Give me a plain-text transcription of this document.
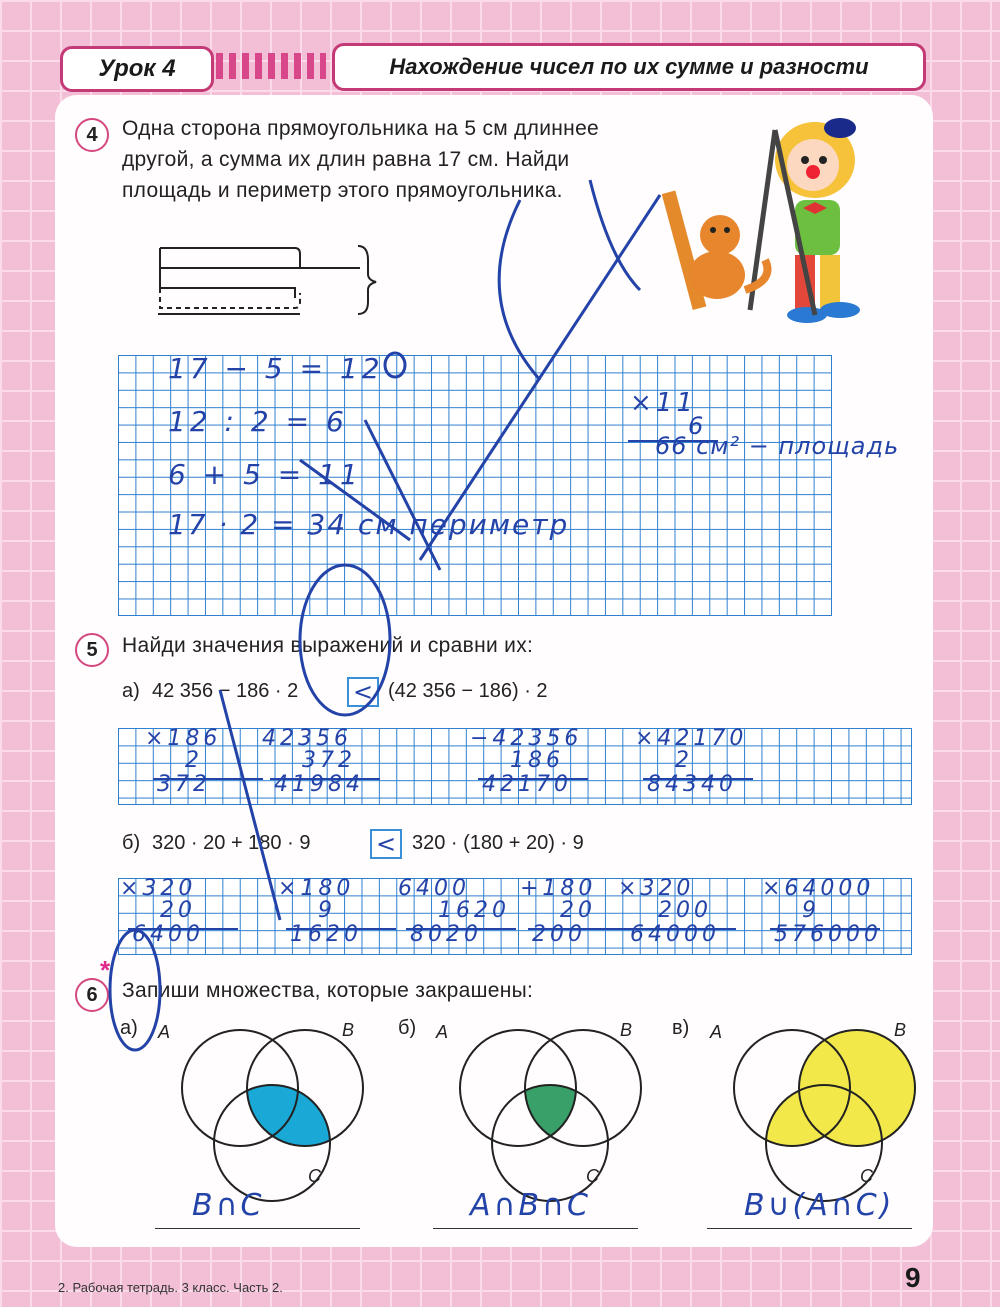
Урок 4	Нахождение чисел по их сумме и разности
4	Одна сторона прямоугольника на 5 см длиннее
другой, а сумма их длин равна 17 см. Найди
площадь и периметр этого прямоугольника.
17 − 5 = 12
12 : 2 = 6
6 + 5 = 11
17 · 2 = 34 см периметр
×11
6
66 см² − площадь
5	Найди значения выражений и сравни их:
а) 42 356 − 186 · 2 < (42 356 − 186) · 2
×186
2
372
42356
372
41984
−42356
186
42170
×42170
2
84340
б) 320 · 20 + 180 · 9	< 320 · (180 + 20) · 9
×320
20
6400
×180
9
1620
6400
1620
8020
+180
20
200
×320
200
64000
×64000
9
576000
6
*
Запиши множества, которые закрашены:
а) A	B
C
B∩C
б) A	B
C
A∩B∩C
в) A	B
C
B∪(A∩C)
2. Рабочая тетрадь. 3 класс. Часть 2.	9
